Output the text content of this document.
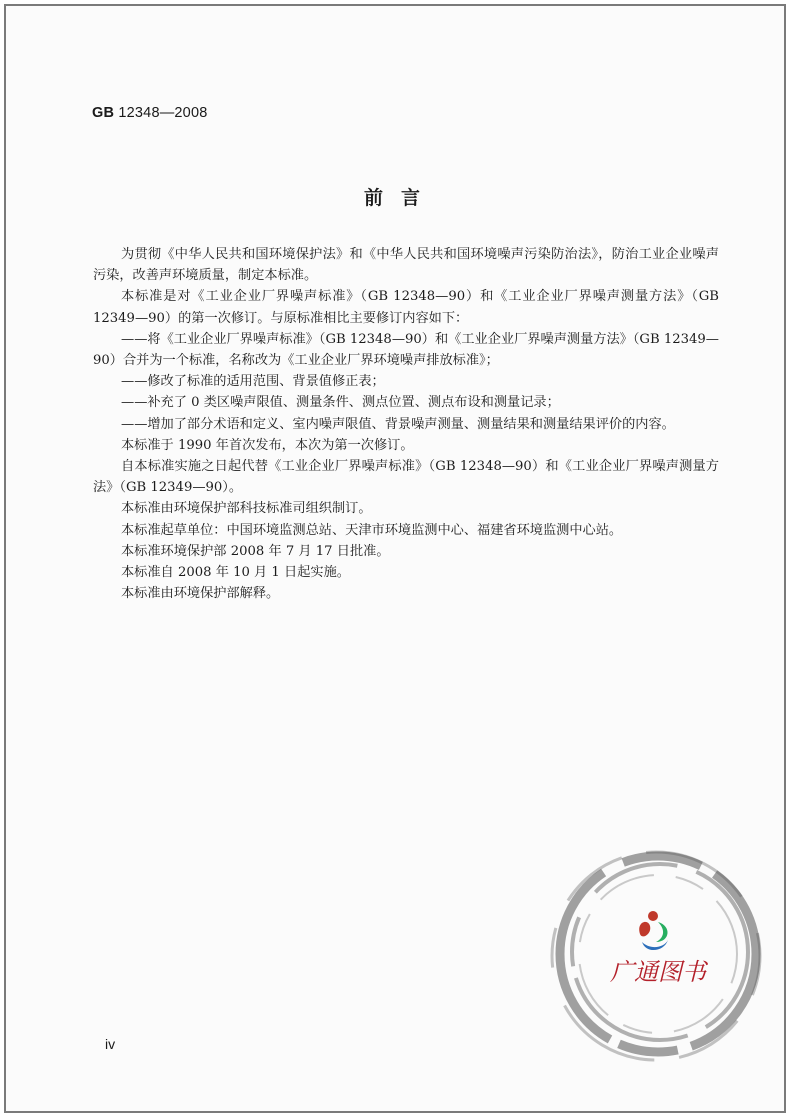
GB 12348—2008
前言

为贯彻《中华人民共和国环境保护法》和《中华人民共和国环境噪声污染防治法》，防治工业企业噪声污染，改善声环境质量，制定本标准。

本标准是对《工业企业厂界噪声标准》（GB 12348—90）和《工业企业厂界噪声测量方法》（GB 12349—90）的第一次修订。与原标准相比主要修订内容如下：

——将《工业企业厂界噪声标准》（GB 12348—90）和《工业企业厂界噪声测量方法》（GB 12349—90）合并为一个标准，名称改为《工业企业厂界环境噪声排放标准》；

——修改了标准的适用范围、背景值修正表；

——补充了 0 类区噪声限值、测量条件、测点位置、测点布设和测量记录；

——增加了部分术语和定义、室内噪声限值、背景噪声测量、测量结果和测量结果评价的内容。

本标准于 1990 年首次发布，本次为第一次修订。

自本标准实施之日起代替《工业企业厂界噪声标准》（GB 12348—90）和《工业企业厂界噪声测量方法》（GB 12349—90）。

本标准由环境保护部科技标准司组织制订。

本标准起草单位：中国环境监测总站、天津市环境监测中心、福建省环境监测中心站。

本标准环境保护部 2008 年 7 月 17 日批准。

本标准自 2008 年 10 月 1 日起实施。

本标准由环境保护部解释。

广通图书
iv
